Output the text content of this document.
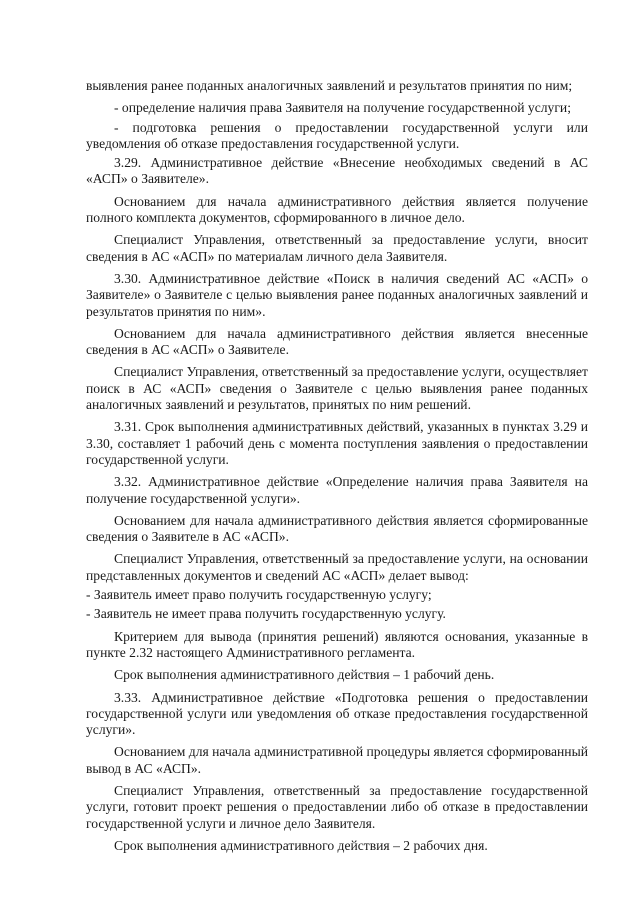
выявления ранее поданных аналогичных заявлений и результатов принятия по ним;

- определение наличия права Заявителя на получение государственной услуги;

- подготовка решения о предоставлении государственной услуги или уведомления об отказе предоставления государственной услуги.

3.29. Административное действие «Внесение необходимых сведений в АС «АСП» о Заявителе».

Основанием для начала административного действия является получение полного комплекта документов, сформированного в личное дело.

Специалист Управления, ответственный за предоставление услуги, вносит сведения в АС «АСП» по материалам личного дела Заявителя.

3.30. Административное действие «Поиск в наличия сведений АС «АСП» о Заявителе» о Заявителе с целью выявления ранее поданных аналогичных заявлений и результатов принятия по ним».

Основанием для начала административного действия является внесенные сведения в АС «АСП» о Заявителе.

Специалист Управления, ответственный за предоставление услуги, осуществляет поиск в АС «АСП» сведения о Заявителе с целью выявления ранее поданных аналогичных заявлений и результатов, принятых по ним решений.

3.31. Срок выполнения административных действий, указанных в пунктах 3.29 и 3.30, составляет 1 рабочий день с момента поступления заявления о предоставлении государственной услуги.

3.32. Административное действие «Определение наличия права Заявителя на получение государственной услуги».

Основанием для начала административного действия является сформированные сведения о Заявителе в АС «АСП».

Специалист Управления, ответственный за предоставление услуги, на основании представленных документов и сведений АС «АСП» делает вывод:

- Заявитель имеет право получить государственную услугу;

- Заявитель не имеет права получить государственную услугу.

Критерием для вывода (принятия решений) являются основания, указанные в пункте 2.32 настоящего Административного регламента.

Срок выполнения административного действия – 1 рабочий день.

3.33. Административное действие «Подготовка решения о предоставлении государственной услуги или уведомления об отказе предоставления государственной услуги».

Основанием для начала административной процедуры является сформированный вывод в АС «АСП».

Специалист Управления, ответственный за предоставление государственной услуги, готовит проект решения о предоставлении либо об отказе в предоставлении государственной услуги и личное дело Заявителя.

Срок выполнения административного действия – 2 рабочих дня.
